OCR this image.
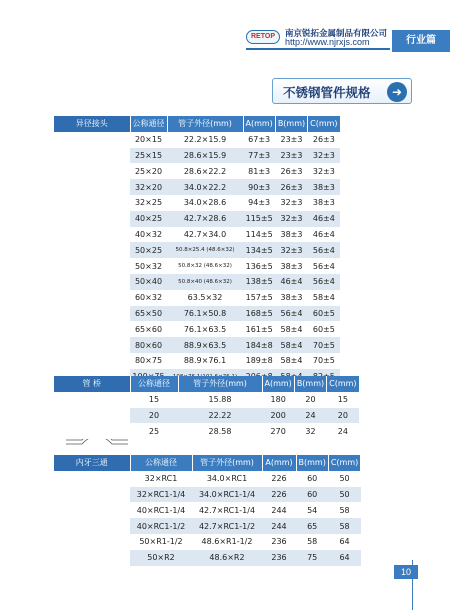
RETOP	南京锐拓金属制品有限公司
http://www.njrxjs.com	行业篇
不锈钢管件规格	➜
异径接头	公称通径	管子外径(mm)	A(mm)	B(mm)	C(mm)
	20×15	22.2×15.9	67±3	23±3	26±3
	25×15	28.6×15.9	77±3	23±3	32±3
	25×20	28.6×22.2	81±3	26±3	32±3
	32×20	34.0×22.2	90±3	26±3	38±3
	32×25	34.0×28.6	94±3	32±3	38±3
	40×25	42.7×28.6	115±5	32±3	46±4
	40×32	42.7×34.0	114±5	38±3	46±4
	50×25	50.8×25.4 (48.6×32)	134±5	32±3	56±4
	50×32	50.8×32 (48.6×32)	136±5	38±3	56±4
	50×40	50.8×40 (48.6×32)	138±5	46±4	56±4
	60×32	63.5×32	157±5	38±3	58±4
	65×50	76.1×50.8	168±5	56±4	60±5
	65×60	76.1×63.5	161±5	58±4	60±5
	80×60	88.9×63.5	184±8	58±4	70±5
	80×75	88.9×76.1	189±8	58±4	70±5

管 桥	公称通径	管子外径(mm)	A(mm)	B(mm)	C(mm)
	15	15.88	180	20	15
	20	22.22	200	24	20
	25	28.58	270	32	24
内牙三通	公称通径	管子外径(mm)	A(mm)	B(mm)	C(mm)
	32×RC1	34.0×RC1	226	60	50
	32×RC1-1/4	34.0×RC1-1/4	226	60	50
	40×RC1-1/4	42.7×RC1-1/4	244	54	58
	40×RC1-1/2	42.7×RC1-1/2	244	65	58
	50×R1-1/2	48.6×R1-1/2	236	58	64
	50×R2	48.6×R2	236	75	64
10
